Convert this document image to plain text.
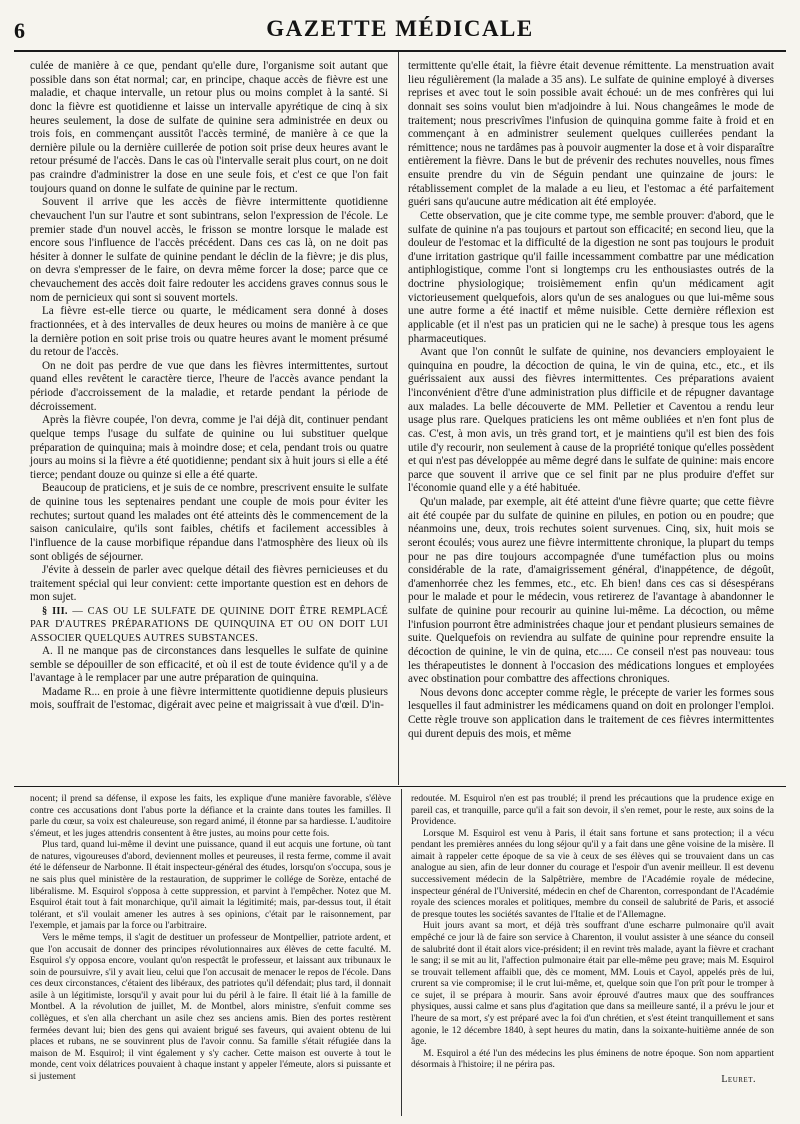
6	GAZETTE MÉDICALE

culée de manière à ce que, pendant qu'elle dure, l'organisme soit autant que possible dans son état normal; car, en principe, chaque accès de fièvre est une maladie, et chaque intervalle, un retour plus ou moins complet à la santé. Si donc la fièvre est quotidienne et laisse un intervalle apyrétique de cinq à six heures seulement, la dose de sulfate de quinine sera administrée en deux ou trois fois, en commençant aussitôt l'accès terminé, de manière à ce que la dernière pilule ou la dernière cuillerée de potion soit prise deux heures avant le retour présumé de l'accès. Dans le cas où l'intervalle serait plus court, on ne doit pas craindre d'administrer la dose en une seule fois, et c'est ce que l'on fait toujours quand on donne le sulfate de quinine par le rectum.

Souvent il arrive que les accès de fièvre intermittente quotidienne chevauchent l'un sur l'autre et sont subintrans, selon l'expression de l'école. Le premier stade d'un nouvel accès, le frisson se montre lorsque le malade est encore sous l'influence de l'accès précédent. Dans ces cas là, on ne doit pas hésiter à donner le sulfate de quinine pendant le déclin de la fièvre; je dis plus, on devra s'empresser de le faire, on devra même forcer la dose; parce que ce chevauchement des accès doit faire redouter les accidens graves connus sous le nom de pernicieux qui sont si souvent mortels.

La fièvre est-elle tierce ou quarte, le médicament sera donné à doses fractionnées, et à des intervalles de deux heures ou moins de manière à ce que la dernière potion en soit prise trois ou quatre heures avant le moment présumé du retour de l'accès.

On ne doit pas perdre de vue que dans les fièvres intermittentes, surtout quand elles revêtent le caractère tierce, l'heure de l'accès avance pendant la période d'accroissement de la maladie, et retarde pendant la période de décroissement.

Après la fièvre coupée, l'on devra, comme je l'ai déjà dit, continuer pendant quelque temps l'usage du sulfate de quinine ou lui substituer quelque préparation de quinquina; mais à moindre dose; et cela, pendant trois ou quatre jours au moins si la fièvre a été quotidienne; pendant six à huit jours si elle a été tierce; pendant douze ou quinze si elle a été quarte.

Beaucoup de praticiens, et je suis de ce nombre, prescrivent ensuite le sulfate de quinine tous les septenaires pendant une couple de mois pour éviter les rechutes; surtout quand les malades ont été atteints dès le commencement de la saison caniculaire, qu'ils sont faibles, chétifs et facilement accessibles à l'influence de la cause morbifique répandue dans l'atmosphère des lieux où ils sont obligés de séjourner.

J'évite à dessein de parler avec quelque détail des fièvres pernicieuses et du traitement spécial qui leur convient: cette importante question est en dehors de mon sujet.

§ III. — CAS OU LE SULFATE DE QUININE DOIT ÊTRE REMPLACÉ PAR D'AUTRES PRÉPARATIONS DE QUINQUINA ET OU ON DOIT LUI ASSOCIER QUELQUES AUTRES SUBSTANCES.

A. Il ne manque pas de circonstances dans lesquelles le sulfate de quinine semble se dépouiller de son efficacité, et où il est de toute évidence qu'il y a de l'avantage à le remplacer par une autre préparation de quinquina.

Madame R... en proie à une fièvre intermittente quotidienne depuis plusieurs mois, souffrait de l'estomac, digérait avec peine et maigrissait à vue d'œil. D'in-

termittente qu'elle était, la fièvre était devenue rémittente. La menstruation avait lieu régulièrement (la malade a 35 ans). Le sulfate de quinine employé à diverses reprises et avec tout le soin possible avait échoué: un de mes confrères qui lui donnait ses soins voulut bien m'adjoindre à lui. Nous changeâmes le mode de traitement; nous prescrivîmes l'infusion de quinquina gomme faite à froid et en commençant à en administrer seulement quelques cuillerées pendant la rémittence; nous ne tardâmes pas à pouvoir augmenter la dose et à voir disparaître entièrement la fièvre. Dans le but de prévenir des rechutes nouvelles, nous fîmes ensuite prendre du vin de Séguin pendant une quinzaine de jours: le rétablissement complet de la malade a eu lieu, et l'estomac a été parfaitement guéri sans qu'aucune autre médication ait été employée.

Cette observation, que je cite comme type, me semble prouver: d'abord, que le sulfate de quinine n'a pas toujours et partout son efficacité; en second lieu, que la douleur de l'estomac et la difficulté de la digestion ne sont pas toujours le produit d'une irritation gastrique qu'il faille incessamment combattre par une médication antiphlogistique, comme l'ont si longtemps cru les enthousiastes outrés de la doctrine physiologique; troisièmement enfin qu'un médicament agit victorieusement quelquefois, alors qu'un de ses analogues ou que lui-même sous une autre forme a été inactif et même nuisible. Cette dernière réflexion est applicable (et il n'est pas un praticien qui ne le sache) à presque tous les agens pharmaceutiques.

Avant que l'on connût le sulfate de quinine, nos devanciers employaient le quinquina en poudre, la décoction de quina, le vin de quina, etc., etc., et ils guérissaient aux aussi des fièvres intermittentes. Ces préparations avaient l'inconvénient d'être d'une administration plus difficile et de répugner davantage aux malades. La belle découverte de MM. Pelletier et Caventou a rendu leur usage plus rare. Quelques praticiens les ont même oubliées et n'en font plus de cas. C'est, à mon avis, un très grand tort, et je maintiens qu'il est bien des fois utile d'y recourir, non seulement à cause de la propriété tonique qu'elles possèdent et qui n'est pas développée au même degré dans le sulfate de quinine: mais encore parce que souvent il arrive que ce sel finit par ne plus produire d'effet sur l'économie quand elle y a été habituée.

Qu'un malade, par exemple, ait été atteint d'une fièvre quarte; que cette fièvre ait été coupée par du sulfate de quinine en pilules, en potion ou en poudre; que néanmoins une, deux, trois rechutes soient survenues. Cinq, six, huit mois se seront écoulés; vous aurez une fièvre intermittente chronique, la plupart du temps pour ne pas dire toujours accompagnée d'une tuméfaction plus ou moins considérable de la rate, d'amaigrissement général, d'inappétence, de dégoût, d'amenhorrée chez les femmes, etc., etc. Eh bien! dans ces cas si désespérans pour le malade et pour le médecin, vous retirerez de l'avantage à abandonner le sulfate de quinine pour recourir au quinine lui-même. La décoction, ou même l'infusion pourront être administrées chaque jour et pendant plusieurs semaines de suite. Quelquefois on reviendra au sulfate de quinine pour reprendre ensuite la décoction de quinine, le vin de quina, etc..... Ce conseil n'est pas nouveau: tous les thérapeutistes le donnent à l'occasion des médications longues et employées avec obstination pour combattre des affections chroniques.

Nous devons donc accepter comme règle, le précepte de varier les formes sous lesquelles il faut administrer les médicamens quand on doit en prolonger l'emploi. Cette règle trouve son application dans le traitement de ces fièvres intermittentes qui durent depuis des mois, et même

nocent; il prend sa défense, il expose les faits, les explique d'une manière favorable, s'élève contre ces accusations dont l'abus porte la défiance et la crainte dans toutes les familles. Il parle du cœur, sa voix est chaleureuse, son regard animé, il étonne par sa hardiesse. L'auditoire s'émeut, et les juges attendris consentent à être justes, au moins pour cette fois.

Plus tard, quand lui-même il devint une puissance, quand il eut acquis une fortune, où tant de natures, vigoureuses d'abord, deviennent molles et peureuses, il resta ferme, comme il avait été le défenseur de Narbonne. Il était inspecteur-général des études, lorsqu'on s'occupa, sous je ne sais plus quel ministère de la restauration, de supprimer le collége de Sorèze, entaché de libéralisme. M. Esquirol s'opposa à cette suppression, et parvint à l'empêcher. Notez que M. Esquirol était tout à fait monarchique, qu'il aimait la légitimité; mais, par-dessus tout, il était tolérant, et s'il voulait amener les autres à ses opinions, c'était par le raisonnement, par l'exemple, et jamais par la force ou l'arbitraire.

Vers le même temps, il s'agit de destituer un professeur de Montpellier, patriote ardent, et que l'on accusait de donner des principes révolutionnaires aux élèves de cette faculté. M. Esquirol s'y opposa encore, voulant qu'on respectât le professeur, et laissant aux tribunaux le soin de poursuivre, s'il y avait lieu, celui que l'on accusait de menacer le repos de l'école. Dans ces deux circonstances, c'étaient des libéraux, des patriotes qu'il défendait; plus tard, il donnait asile à un légitimiste, lorsqu'il y avait pour lui du péril à le faire. Il était lié à la famille de Montbel. A la révolution de juillet, M. de Montbel, alors ministre, s'enfuit comme ses collègues, et s'en alla cherchant un asile chez ses anciens amis. Bien des portes restèrent fermées devant lui; bien des gens qui avaient brigué ses faveurs, qui avaient obtenu de lui places et rubans, ne se souvinrent plus de l'avoir connu. Sa famille s'était réfugiée dans la maison de M. Esquirol; il vint également y s'y cacher. Cette maison est ouverte à tout le monde, cent voix délatrices pouvaient à chaque instant y appeler l'émeute, alors si puissante et si justement

redoutée. M. Esquirol n'en est pas troublé; il prend les précautions que la prudence exige en pareil cas, et tranquille, parce qu'il a fait son devoir, il s'en remet, pour le reste, aux soins de la Providence.

Lorsque M. Esquirol est venu à Paris, il était sans fortune et sans protection; il a vécu pendant les premières années du long séjour qu'il y a fait dans une gêne voisine de la misère. Il aimait à rappeler cette époque de sa vie à ceux de ses élèves qui se trouvaient dans un cas analogue au sien, afin de leur donner du courage et l'espoir d'un avenir meilleur. Il est devenu successivement médecin de la Salpêtrière, membre de l'Académie royale de médecine, inspecteur général de l'Université, médecin en chef de Charenton, correspondant de l'Académie royale des sciences morales et politiques, membre du conseil de salubrité de Paris, et associé de presque toutes les sociétés savantes de l'Italie et de l'Allemagne.

Huit jours avant sa mort, et déjà très souffrant d'une escharre pulmonaire qu'il avait empêché ce jour là de faire son service à Charenton, il voulut assister à une séance du conseil de salubrité dont il était alors vice-président; il en revint très malade, ayant la fièvre et crachant le sang; il se mit au lit, l'affection pulmonaire était par elle-même peu grave; mais M. Esquirol se trouvait tellement affaibli que, dès ce moment, MM. Louis et Cayol, appelés près de lui, crurent sa vie compromise; il le crut lui-même, et, quelque soin que l'on prît pour le tromper à ce sujet, il se prépara à mourir. Sans avoir éprouvé d'autres maux que des souffrances physiques, aussi calme et sans plus d'agitation que dans sa meilleure santé, il a prévu le jour et l'heure de sa mort, s'y est préparé avec la foi d'un chrétien, et s'est éteint tranquillement et sans agonie, le 12 décembre 1840, à sept heures du matin, dans la soixante-huitième année de son âge.

M. Esquirol a été l'un des médecins les plus éminens de notre époque. Son nom appartient désormais à l'histoire; il ne périra pas.

Leuret.
